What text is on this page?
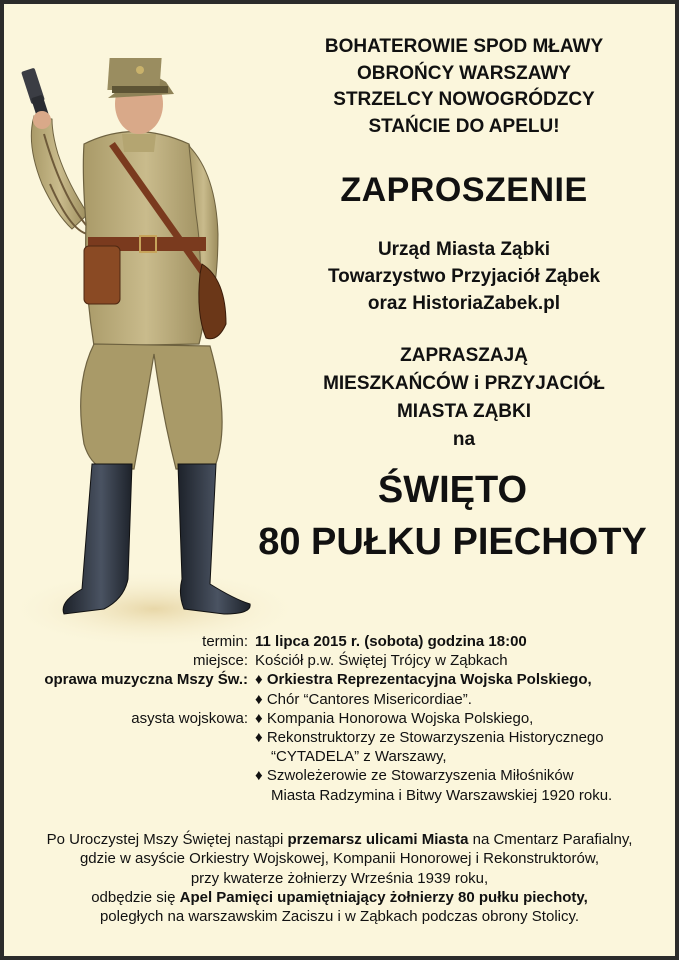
BOHATEROWIE SPOD MŁAWY
OBROŃCY WARSZAWY
STRZELCY NOWOGRÓDZCY
STAŃCIE DO APELU!

ZAPROSZENIE

Urząd Miasta Ząbki
Towarzystwo Przyjaciół Ząbek
oraz HistoriaZabek.pl

ZAPRASZAJĄ
MIESZKAŃCÓW i PRZYJACIÓŁ
MIASTA ZĄBKI
na

ŚWIĘTO
80 PUŁKU PIECHOTY

termin: 11 lipca 2015 r. (sobota) godzina 18:00
miejsce: Kościół p.w. Świętej Trójcy w Ząbkach
oprawa muzyczna Mszy Św.: ♦ Orkiestra Reprezentacyjna Wojska Polskiego,
♦ Chór “Cantores Misericordiae”.
asysta wojskowa: ♦ Kompania Honorowa Wojska Polskiego,
♦ Rekonstruktorzy ze Stowarzyszenia Historycznego
“CYTADELA” z Warszawy,
♦ Szwoleżerowie ze Stowarzyszenia Miłośników
Miasta Radzymina i Bitwy Warszawskiej 1920 roku.
Po Uroczystej Mszy Świętej nastąpi przemarsz ulicami Miasta na Cmentarz Parafialny,
gdzie w asyście Orkiestry Wojskowej, Kompanii Honorowej i Rekonstruktorów,
przy kwaterze żołnierzy Września 1939 roku,
odbędzie się Apel Pamięci upamiętniający żołnierzy 80 pułku piechoty,
poległych na warszawskim Zaciszu i w Ząbkach podczas obrony Stolicy.
